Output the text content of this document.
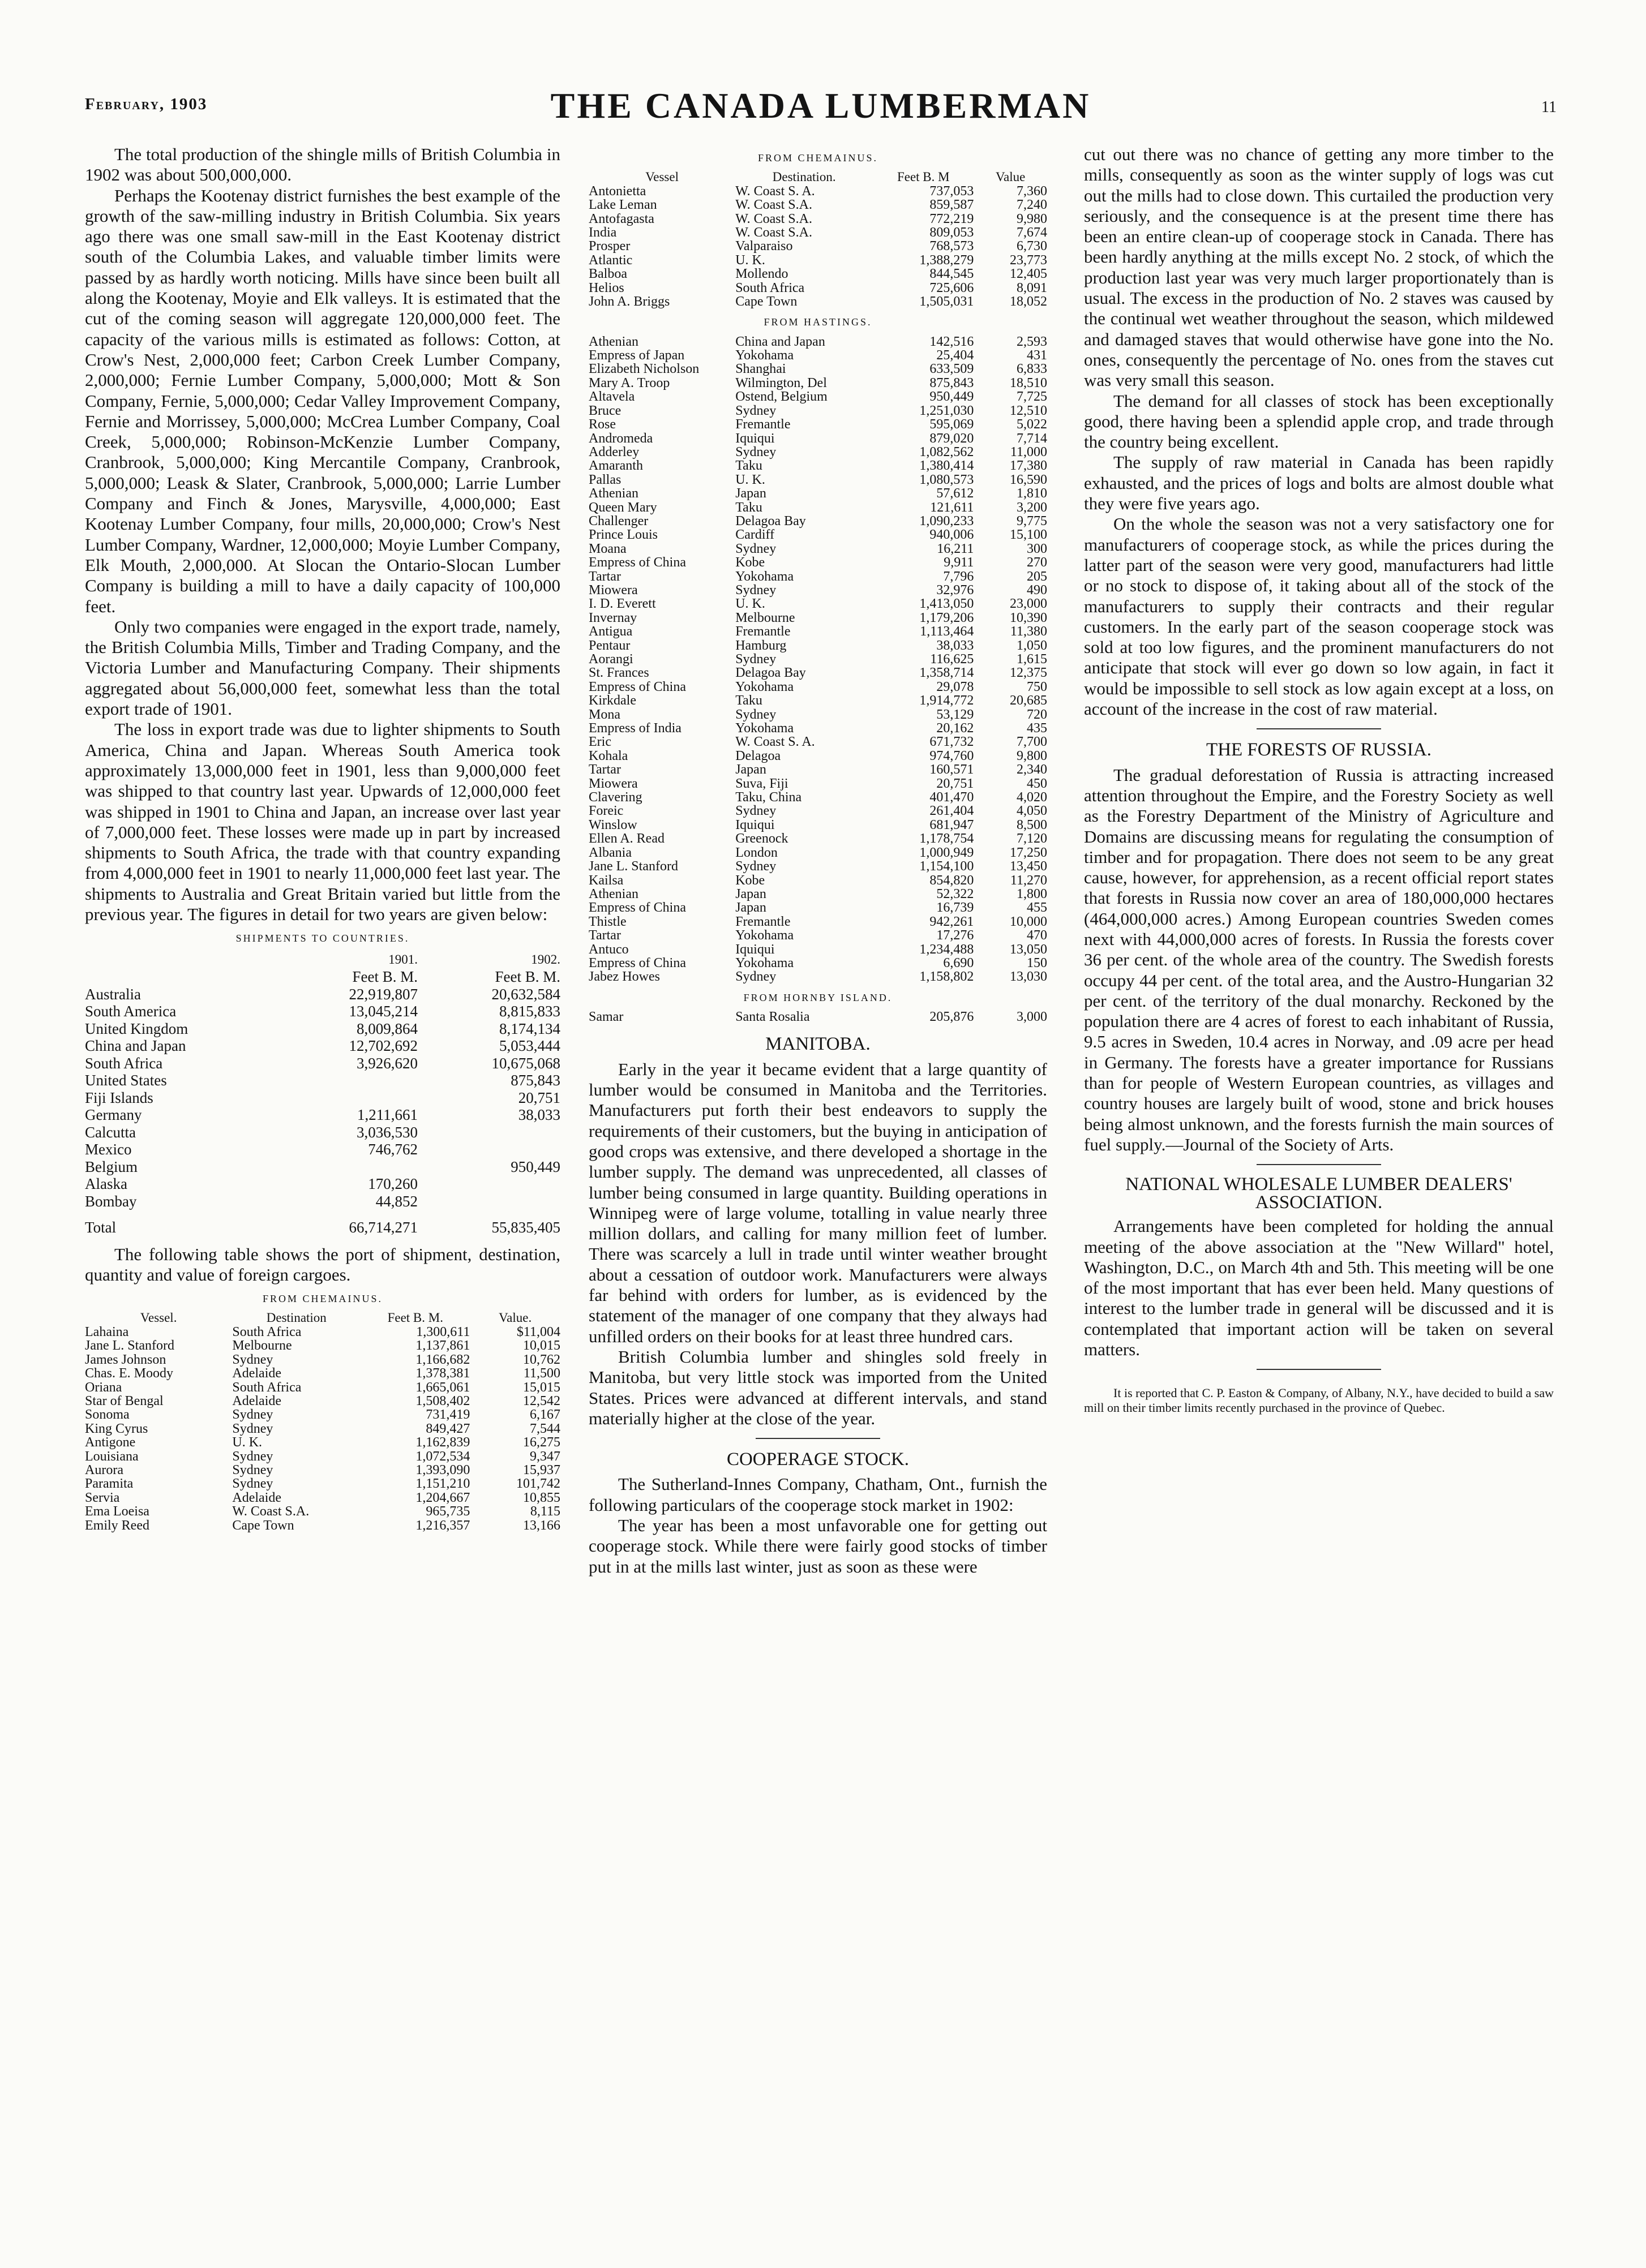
February, 1903	THE CANADA LUMBERMAN	11

The total production of the shingle mills of British Columbia in 1902 was about 500,000,000.

Perhaps the Kootenay district furnishes the best example of the growth of the saw-milling industry in British Columbia. Six years ago there was one small saw-mill in the East Kootenay district south of the Columbia Lakes, and valuable timber limits were passed by as hardly worth noticing. Mills have since been built all along the Kootenay, Moyie and Elk valleys. It is estimated that the cut of the coming season will aggregate 120,000,000 feet. The capacity of the various mills is estimated as follows: Cotton, at Crow's Nest, 2,000,000 feet; Carbon Creek Lumber Company, 2,000,000; Fernie Lumber Company, 5,000,000; Mott & Son Company, Fernie, 5,000,000; Cedar Valley Improvement Company, Fernie and Morrissey, 5,000,000; McCrea Lumber Company, Coal Creek, 5,000,000; Robinson-McKenzie Lumber Company, Cranbrook, 5,000,000; King Mercantile Company, Cranbrook, 5,000,000; Leask & Slater, Cranbrook, 5,000,000; Larrie Lumber Company and Finch & Jones, Marysville, 4,000,000; East Kootenay Lumber Company, four mills, 20,000,000; Crow's Nest Lumber Company, Wardner, 12,000,000; Moyie Lumber Company, Elk Mouth, 2,000,000. At Slocan the Ontario-Slocan Lumber Company is building a mill to have a daily capacity of 100,000 feet.

Only two companies were engaged in the export trade, namely, the British Columbia Mills, Timber and Trading Company, and the Victoria Lumber and Manufacturing Company. Their shipments aggregated about 56,000,000 feet, somewhat less than the total export trade of 1901.

The loss in export trade was due to lighter shipments to South America, China and Japan. Whereas South America took approximately 13,000,000 feet in 1901, less than 9,000,000 feet was shipped to that country last year. Upwards of 12,000,000 feet was shipped in 1901 to China and Japan, an increase over last year of 7,000,000 feet. These losses were made up in part by increased shipments to South Africa, the trade with that country expanding from 4,000,000 feet in 1901 to nearly 11,000,000 feet last year. The shipments to Australia and Great Britain varied but little from the previous year. The figures in detail for two years are given below:

SHIPMENTS TO COUNTRIES.
	1901.	1902.
	Feet B. M.	Feet B. M.
Australia	22,919,807	20,632,584
South America	13,045,214	8,815,833
United Kingdom	8,009,864	8,174,134
China and Japan	12,702,692	5,053,444
South Africa	3,926,620	10,675,068
United States		875,843
Fiji Islands		20,751
Germany	1,211,661	38,033
Calcutta	3,036,530	
Mexico	746,762	
Belgium		950,449
Alaska	170,260	
Bombay	44,852	
Total	66,714,271	55,835,405

The following table shows the port of shipment, destination, quantity and value of foreign cargoes.

FROM CHEMAINUS.
Vessel.	Destination	Feet B. M.	Value.
Lahaina	South Africa	1,300,611	$11,004
Jane L. Stanford	Melbourne	1,137,861	10,015
James Johnson	Sydney	1,166,682	10,762
Chas. E. Moody	Adelaide	1,378,381	11,500
Oriana	South Africa	1,665,061	15,015
Star of Bengal	Adelaide	1,508,402	12,542
Sonoma	Sydney	731,419	6,167
King Cyrus	Sydney	849,427	7,544
Antigone	U. K.	1,162,839	16,275
Louisiana	Sydney	1,072,534	9,347
Aurora	Sydney	1,393,090	15,937
Paramita	Sydney	1,151,210	101,742
Servia	Adelaide	1,204,667	10,855
Ema Loeisa	W. Coast S.A.	965,735	8,115
Emily Reed	Cape Town	1,216,357	13,166
FROM CHEMAINUS.
Vessel	Destination.	Feet B. M	Value
Antonietta	W. Coast S. A.	737,053	7,360
Lake Leman	W. Coast S.A.	859,587	7,240
Antofagasta	W. Coast S.A.	772,219	9,980
India	W. Coast S.A.	809,053	7,674
Prosper	Valparaiso	768,573	6,730
Atlantic	U. K.	1,388,279	23,773
Balboa	Mollendo	844,545	12,405
Helios	South Africa	725,606	8,091
John A. Briggs	Cape Town	1,505,031	18,052
FROM HASTINGS.
Athenian	China and Japan	142,516	2,593
Empress of Japan	Yokohama	25,404	431
Elizabeth Nicholson	Shanghai	633,509	6,833
Mary A. Troop	Wilmington, Del	875,843	18,510
Altavela	Ostend, Belgium	950,449	7,725
Bruce	Sydney	1,251,030	12,510
Rose	Fremantle	595,069	5,022
Andromeda	Iquiqui	879,020	7,714
Adderley	Sydney	1,082,562	11,000
Amaranth	Taku	1,380,414	17,380
Pallas	U. K.	1,080,573	16,590
Athenian	Japan	57,612	1,810
Queen Mary	Taku	121,611	3,200
Challenger	Delagoa Bay	1,090,233	9,775
Prince Louis	Cardiff	940,006	15,100
Moana	Sydney	16,211	300
Empress of China	Kobe	9,911	270
Tartar	Yokohama	7,796	205
Miowera	Sydney	32,976	490
I. D. Everett	U. K.	1,413,050	23,000
Invernay	Melbourne	1,179,206	10,390
Antigua	Fremantle	1,113,464	11,380
Pentaur	Hamburg	38,033	1,050
Aorangi	Sydney	116,625	1,615
St. Frances	Delagoa Bay	1,358,714	12,375
Empress of China	Yokohama	29,078	750
Kirkdale	Taku	1,914,772	20,685
Mona	Sydney	53,129	720
Empress of India	Yokohama	20,162	435
Eric	W. Coast S. A.	671,732	7,700
Kohala	Delagoa	974,760	9,800
Tartar	Japan	160,571	2,340
Miowera	Suva, Fiji	20,751	450
Clavering	Taku, China	401,470	4,020
Foreic	Sydney	261,404	4,050
Winslow	Iquiqui	681,947	8,500
Ellen A. Read	Greenock	1,178,754	7,120
Albania	London	1,000,949	17,250
Jane L. Stanford	Sydney	1,154,100	13,450
Kailsa	Kobe	854,820	11,270
Athenian	Japan	52,322	1,800
Empress of China	Japan	16,739	455
Thistle	Fremantle	942,261	10,000
Tartar	Yokohama	17,276	470
Antuco	Iquiqui	1,234,488	13,050
Empress of China	Yokohama	6,690	150
Jabez Howes	Sydney	1,158,802	13,030
FROM HORNBY ISLAND.
Samar	Santa Rosalia	205,876	3,000
MANITOBA.

Early in the year it became evident that a large quantity of lumber would be consumed in Manitoba and the Territories. Manufacturers put forth their best endeavors to supply the requirements of their customers, but the buying in anticipation of good crops was extensive, and there developed a shortage in the lumber supply. The demand was unprecedented, all classes of lumber being consumed in large quantity. Building operations in Winnipeg were of large volume, totalling in value nearly three million dollars, and calling for many million feet of lumber. There was scarcely a lull in trade until winter weather brought about a cessation of outdoor work. Manufacturers were always far behind with orders for lumber, as is evidenced by the statement of the manager of one company that they always had unfilled orders on their books for at least three hundred cars.

British Columbia lumber and shingles sold freely in Manitoba, but very little stock was imported from the United States. Prices were advanced at different intervals, and stand materially higher at the close of the year.

COOPERAGE STOCK.

The Sutherland-Innes Company, Chatham, Ont., furnish the following particulars of the cooperage stock market in 1902:

The year has been a most unfavorable one for getting out cooperage stock. While there were fairly good stocks of timber put in at the mills last winter, just as soon as these were

cut out there was no chance of getting any more timber to the mills, consequently as soon as the winter supply of logs was cut out the mills had to close down. This curtailed the production very seriously, and the consequence is at the present time there has been an entire clean-up of cooperage stock in Canada. There has been hardly anything at the mills except No. 2 stock, of which the production last year was very much larger proportionately than is usual. The excess in the production of No. 2 staves was caused by the continual wet weather throughout the season, which mildewed and damaged staves that would otherwise have gone into the No. ones, consequently the percentage of No. ones from the staves cut was very small this season.

The demand for all classes of stock has been exceptionally good, there having been a splendid apple crop, and trade through the country being excellent.

The supply of raw material in Canada has been rapidly exhausted, and the prices of logs and bolts are almost double what they were five years ago.

On the whole the season was not a very satisfactory one for manufacturers of cooperage stock, as while the prices during the latter part of the season were very good, manufacturers had little or no stock to dispose of, it taking about all of the stock of the manufacturers to supply their contracts and their regular customers. In the early part of the season cooperage stock was sold at too low figures, and the prominent manufacturers do not anticipate that stock will ever go down so low again, in fact it would be impossible to sell stock as low again except at a loss, on account of the increase in the cost of raw material.

THE FORESTS OF RUSSIA.

The gradual deforestation of Russia is attracting increased attention throughout the Empire, and the Forestry Society as well as the Forestry Department of the Ministry of Agriculture and Domains are discussing means for regulating the consumption of timber and for propagation. There does not seem to be any great cause, however, for apprehension, as a recent official report states that forests in Russia now cover an area of 180,000,000 hectares (464,000,000 acres.) Among European countries Sweden comes next with 44,000,000 acres of forests. In Russia the forests cover 36 per cent. of the whole area of the country. The Swedish forests occupy 44 per cent. of the total area, and the Austro-Hungarian 32 per cent. of the territory of the dual monarchy. Reckoned by the population there are 4 acres of forest to each inhabitant of Russia, 9.5 acres in Sweden, 10.4 acres in Norway, and .09 acre per head in Germany. The forests have a greater importance for Russians than for people of Western European countries, as villages and country houses are largely built of wood, stone and brick houses being almost unknown, and the forests furnish the main sources of fuel supply.—Journal of the Society of Arts.

NATIONAL WHOLESALE LUMBER DEALERS' ASSOCIATION.

Arrangements have been completed for holding the annual meeting of the above association at the "New Willard" hotel, Washington, D.C., on March 4th and 5th. This meeting will be one of the most important that has ever been held. Many questions of interest to the lumber trade in general will be discussed and it is contemplated that important action will be taken on several matters.

It is reported that C. P. Easton & Company, of Albany, N.Y., have decided to build a saw mill on their timber limits recently purchased in the province of Quebec.
